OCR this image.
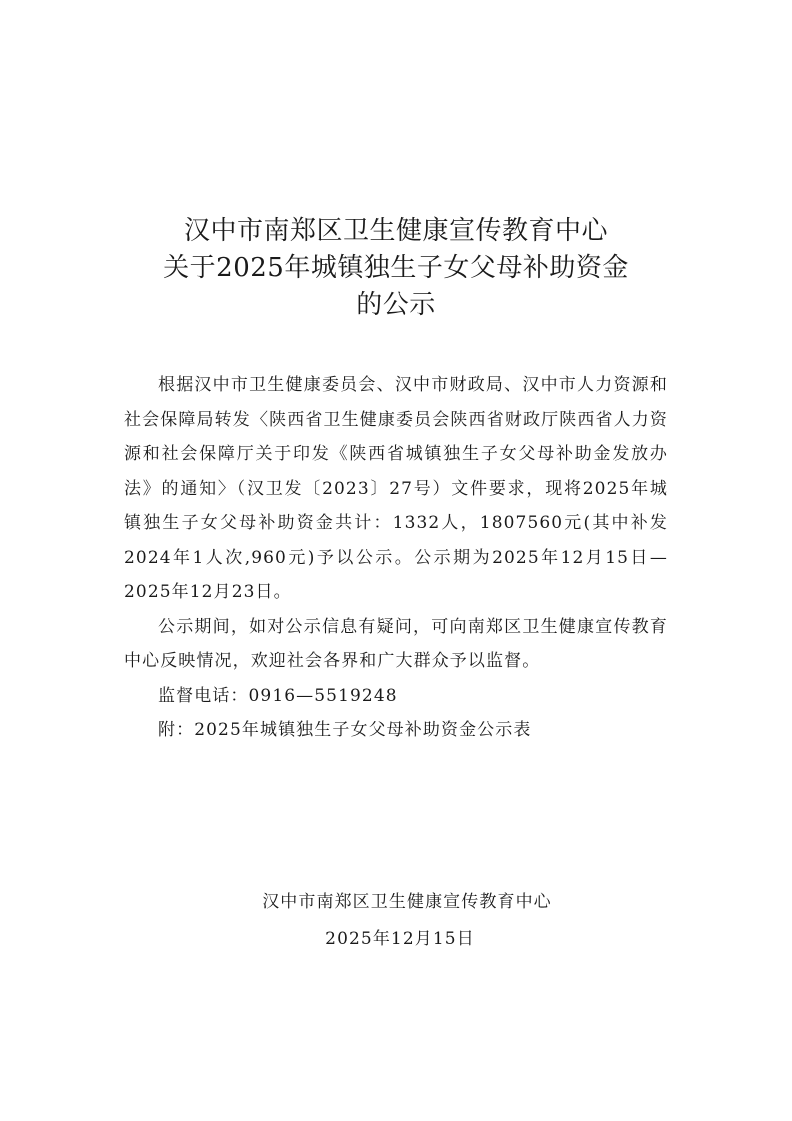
汉中市南郑区卫生健康宣传教育中心
关于2025年城镇独生子女父母补助资金
的公示

根据汉中市卫生健康委员会、汉中市财政局、汉中市人力资源和社会保障局转发〈陕西省卫生健康委员会陕西省财政厅陕西省人力资源和社会保障厅关于印发《陕西省城镇独生子女父母补助金发放办法》的通知〉（汉卫发〔2023〕27号）文件要求，现将2025年城镇独生子女父母补助资金共计：1332人，1807560元(其中补发2024年1人次,960元)予以公示。公示期为2025年12月15日—2025年12月23日。

公示期间，如对公示信息有疑问，可向南郑区卫生健康宣传教育中心反映情况，欢迎社会各界和广大群众予以监督。

监督电话：0916—5519248

附：2025年城镇独生子女父母补助资金公示表

汉中市南郑区卫生健康宣传教育中心
2025年12月15日
